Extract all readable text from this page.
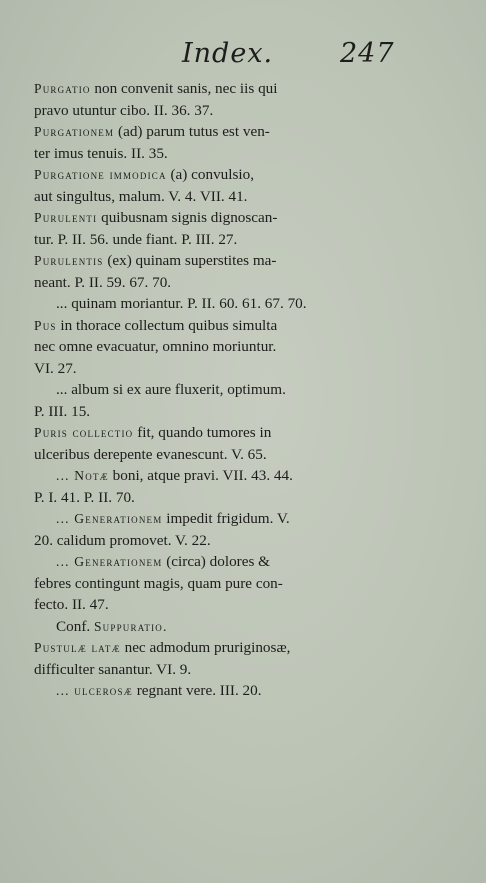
Index. 247
Purgatio non convenit sanis, nec iis qui
pravo utuntur cibo. II. 36. 37.
Purgationem (ad) parum tutus est ven-
ter imus tenuis. II. 35.
Purgatione immodica (a) convulsio,
aut singultus, malum. V. 4. VII. 41.
Purulenti quibusnam signis dignoscan-
tur. P. II. 56. unde fiant. P. III. 27.
Purulentis (ex) quinam superstites ma-
neant. P. II. 59. 67. 70.
... quinam moriantur. P. II. 60. 61. 67. 70.
Pus in thorace collectum quibus simulta
nec omne evacuatur, omnino moriuntur.
VI. 27.
... album si ex aure fluxerit, optimum.
P. III. 15.
Puris collectio fit, quando tumores in
ulceribus derepente evanescunt. V. 65.
... Notæ boni, atque pravi. VII. 43. 44.
P. I. 41. P. II. 70.
... Generationem impedit frigidum. V.
20. calidum promovet. V. 22.
... Generationem (circa) dolores &
febres contingunt magis, quam pure con-
fecto. II. 47.
Conf. Suppuratio.
Pustulæ latæ nec admodum pruriginosæ,
difficulter sanantur. VI. 9.
... ulcerosæ regnant vere. III. 20.
